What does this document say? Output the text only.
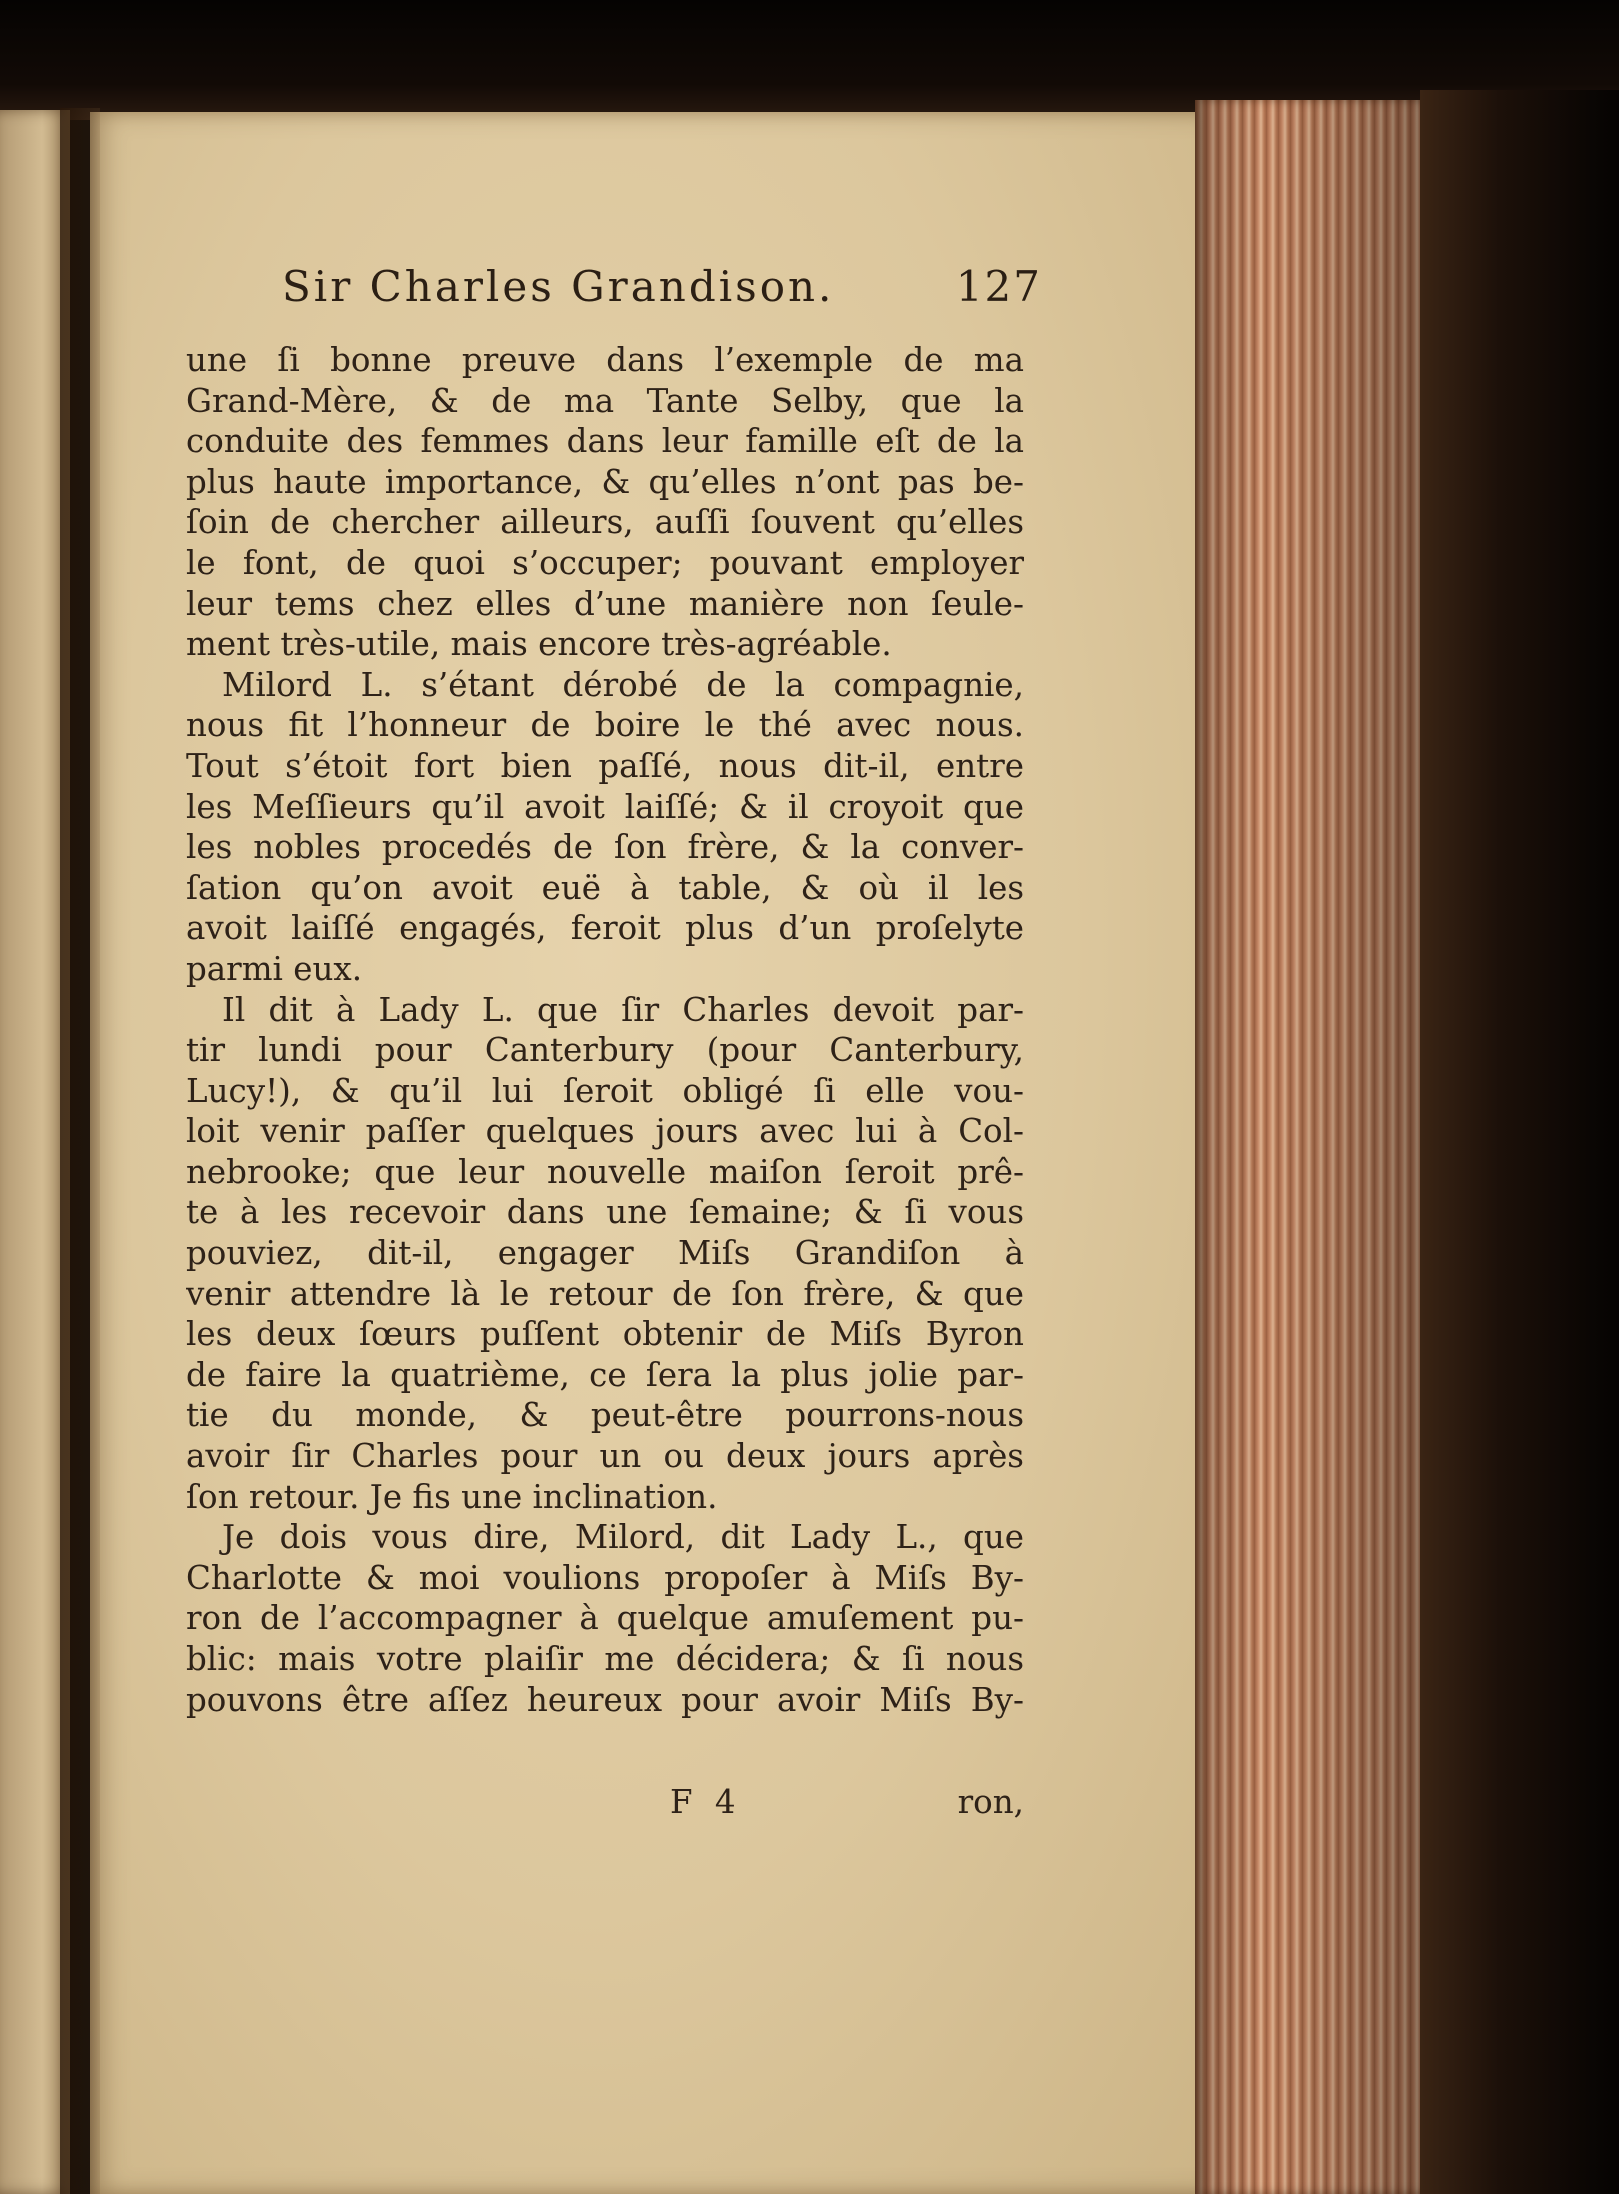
Sir Charles Grandison.	127
une ſi bonne preuve dans l’exemple de ma
Grand-Mère, & de ma Tante Selby, que la
conduite des femmes dans leur famille eſt de la
plus haute importance, & qu’elles n’ont pas be-
ſoin de chercher ailleurs, auſſi ſouvent qu’elles
le font, de quoi s’occuper; pouvant employer
leur tems chez elles d’une manière non ſeule-
ment très-utile, mais encore très-agréable.
Milord L. s’étant dérobé de la compagnie,
nous fit l’honneur de boire le thé avec nous.
Tout s’étoit fort bien paſſé, nous dit-il, entre
les Meſſieurs qu’il avoit laiſſé; & il croyoit que
les nobles procedés de ſon frère, & la conver-
ſation qu’on avoit euë à table, & où il les
avoit laiſſé engagés, feroit plus d’un proſelyte
parmi eux.
Il dit à Lady L. que ſir Charles devoit par-
tir lundi pour Canterbury (pour Canterbury,
Lucy!), & qu’il lui ſeroit obligé ſi elle vou-
loit venir paſſer quelques jours avec lui à Col-
nebrooke; que leur nouvelle maiſon ſeroit prê-
te à les recevoir dans une ſemaine; & ſi vous
pouviez, dit-il, engager Miſs Grandiſon à
venir attendre là le retour de ſon frère, & que
les deux ſœurs puſſent obtenir de Miſs Byron
de faire la quatrième, ce ſera la plus jolie par-
tie du monde, & peut-être pourrons-nous
avoir ſir Charles pour un ou deux jours après
ſon retour. Je fis une inclination.
Je dois vous dire, Milord, dit Lady L., que
Charlotte & moi voulions propoſer à Miſs By-
ron de l’accompagner à quelque amuſement pu-
blic: mais votre plaiſir me décidera; & ſi nous
pouvons être aſſez heureux pour avoir Miſs By-
F 4	ron,
